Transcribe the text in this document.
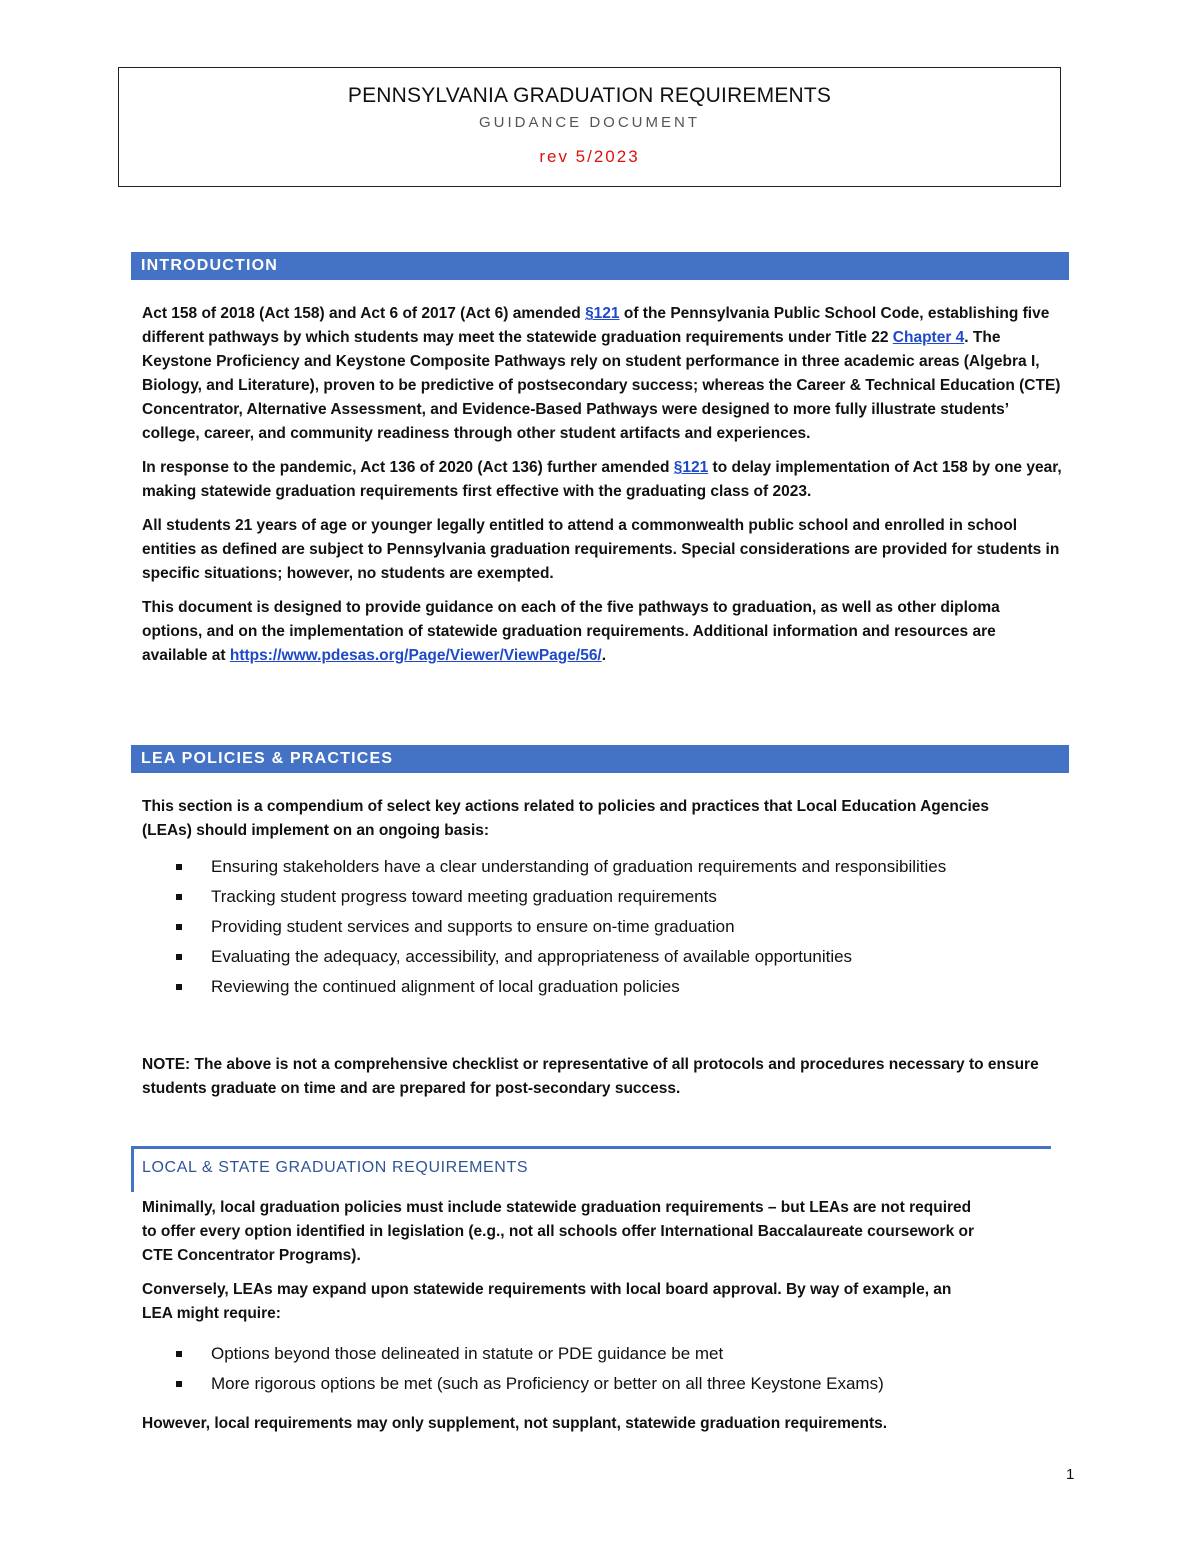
PENNSYLVANIA GRADUATION REQUIREMENTS
GUIDANCE DOCUMENT
rev 5/2023
INTRODUCTION

Act 158 of 2018 (Act 158) and Act 6 of 2017 (Act 6) amended §121 of the Pennsylvania Public School Code, establishing five different pathways by which students may meet the statewide graduation requirements under Title 22 Chapter 4. The Keystone Proficiency and Keystone Composite Pathways rely on student performance in three academic areas (Algebra I, Biology, and Literature), proven to be predictive of postsecondary success; whereas the Career & Technical Education (CTE) Concentrator, Alternative Assessment, and Evidence-Based Pathways were designed to more fully illustrate students’ college, career, and community readiness through other student artifacts and experiences.

In response to the pandemic, Act 136 of 2020 (Act 136) further amended §121 to delay implementation of Act 158 by one year, making statewide graduation requirements first effective with the graduating class of 2023.

All students 21 years of age or younger legally entitled to attend a commonwealth public school and enrolled in school entities as defined are subject to Pennsylvania graduation requirements. Special considerations are provided for students in specific situations; however, no students are exempted.

This document is designed to provide guidance on each of the five pathways to graduation, as well as other diploma options, and on the implementation of statewide graduation requirements. Additional information and resources are available at https://www.pdesas.org/Page/Viewer/ViewPage/56/.

LEA POLICIES & PRACTICES

This section is a compendium of select key actions related to policies and practices that Local Education Agencies (LEAs) should implement on an ongoing basis:

Ensuring stakeholders have a clear understanding of graduation requirements and responsibilities
Tracking student progress toward meeting graduation requirements
Providing student services and supports to ensure on-time graduation
Evaluating the adequacy, accessibility, and appropriateness of available opportunities
Reviewing the continued alignment of local graduation policies

NOTE: The above is not a comprehensive checklist or representative of all protocols and procedures necessary to ensure students graduate on time and are prepared for post-secondary success.

LOCAL & STATE GRADUATION REQUIREMENTS

Minimally, local graduation policies must include statewide graduation requirements – but LEAs are not required to offer every option identified in legislation (e.g., not all schools offer International Baccalaureate coursework or CTE Concentrator Programs).

Conversely, LEAs may expand upon statewide requirements with local board approval. By way of example, an LEA might require:

Options beyond those delineated in statute or PDE guidance be met
More rigorous options be met (such as Proficiency or better on all three Keystone Exams)

However, local requirements may only supplement, not supplant, statewide graduation requirements.

1
